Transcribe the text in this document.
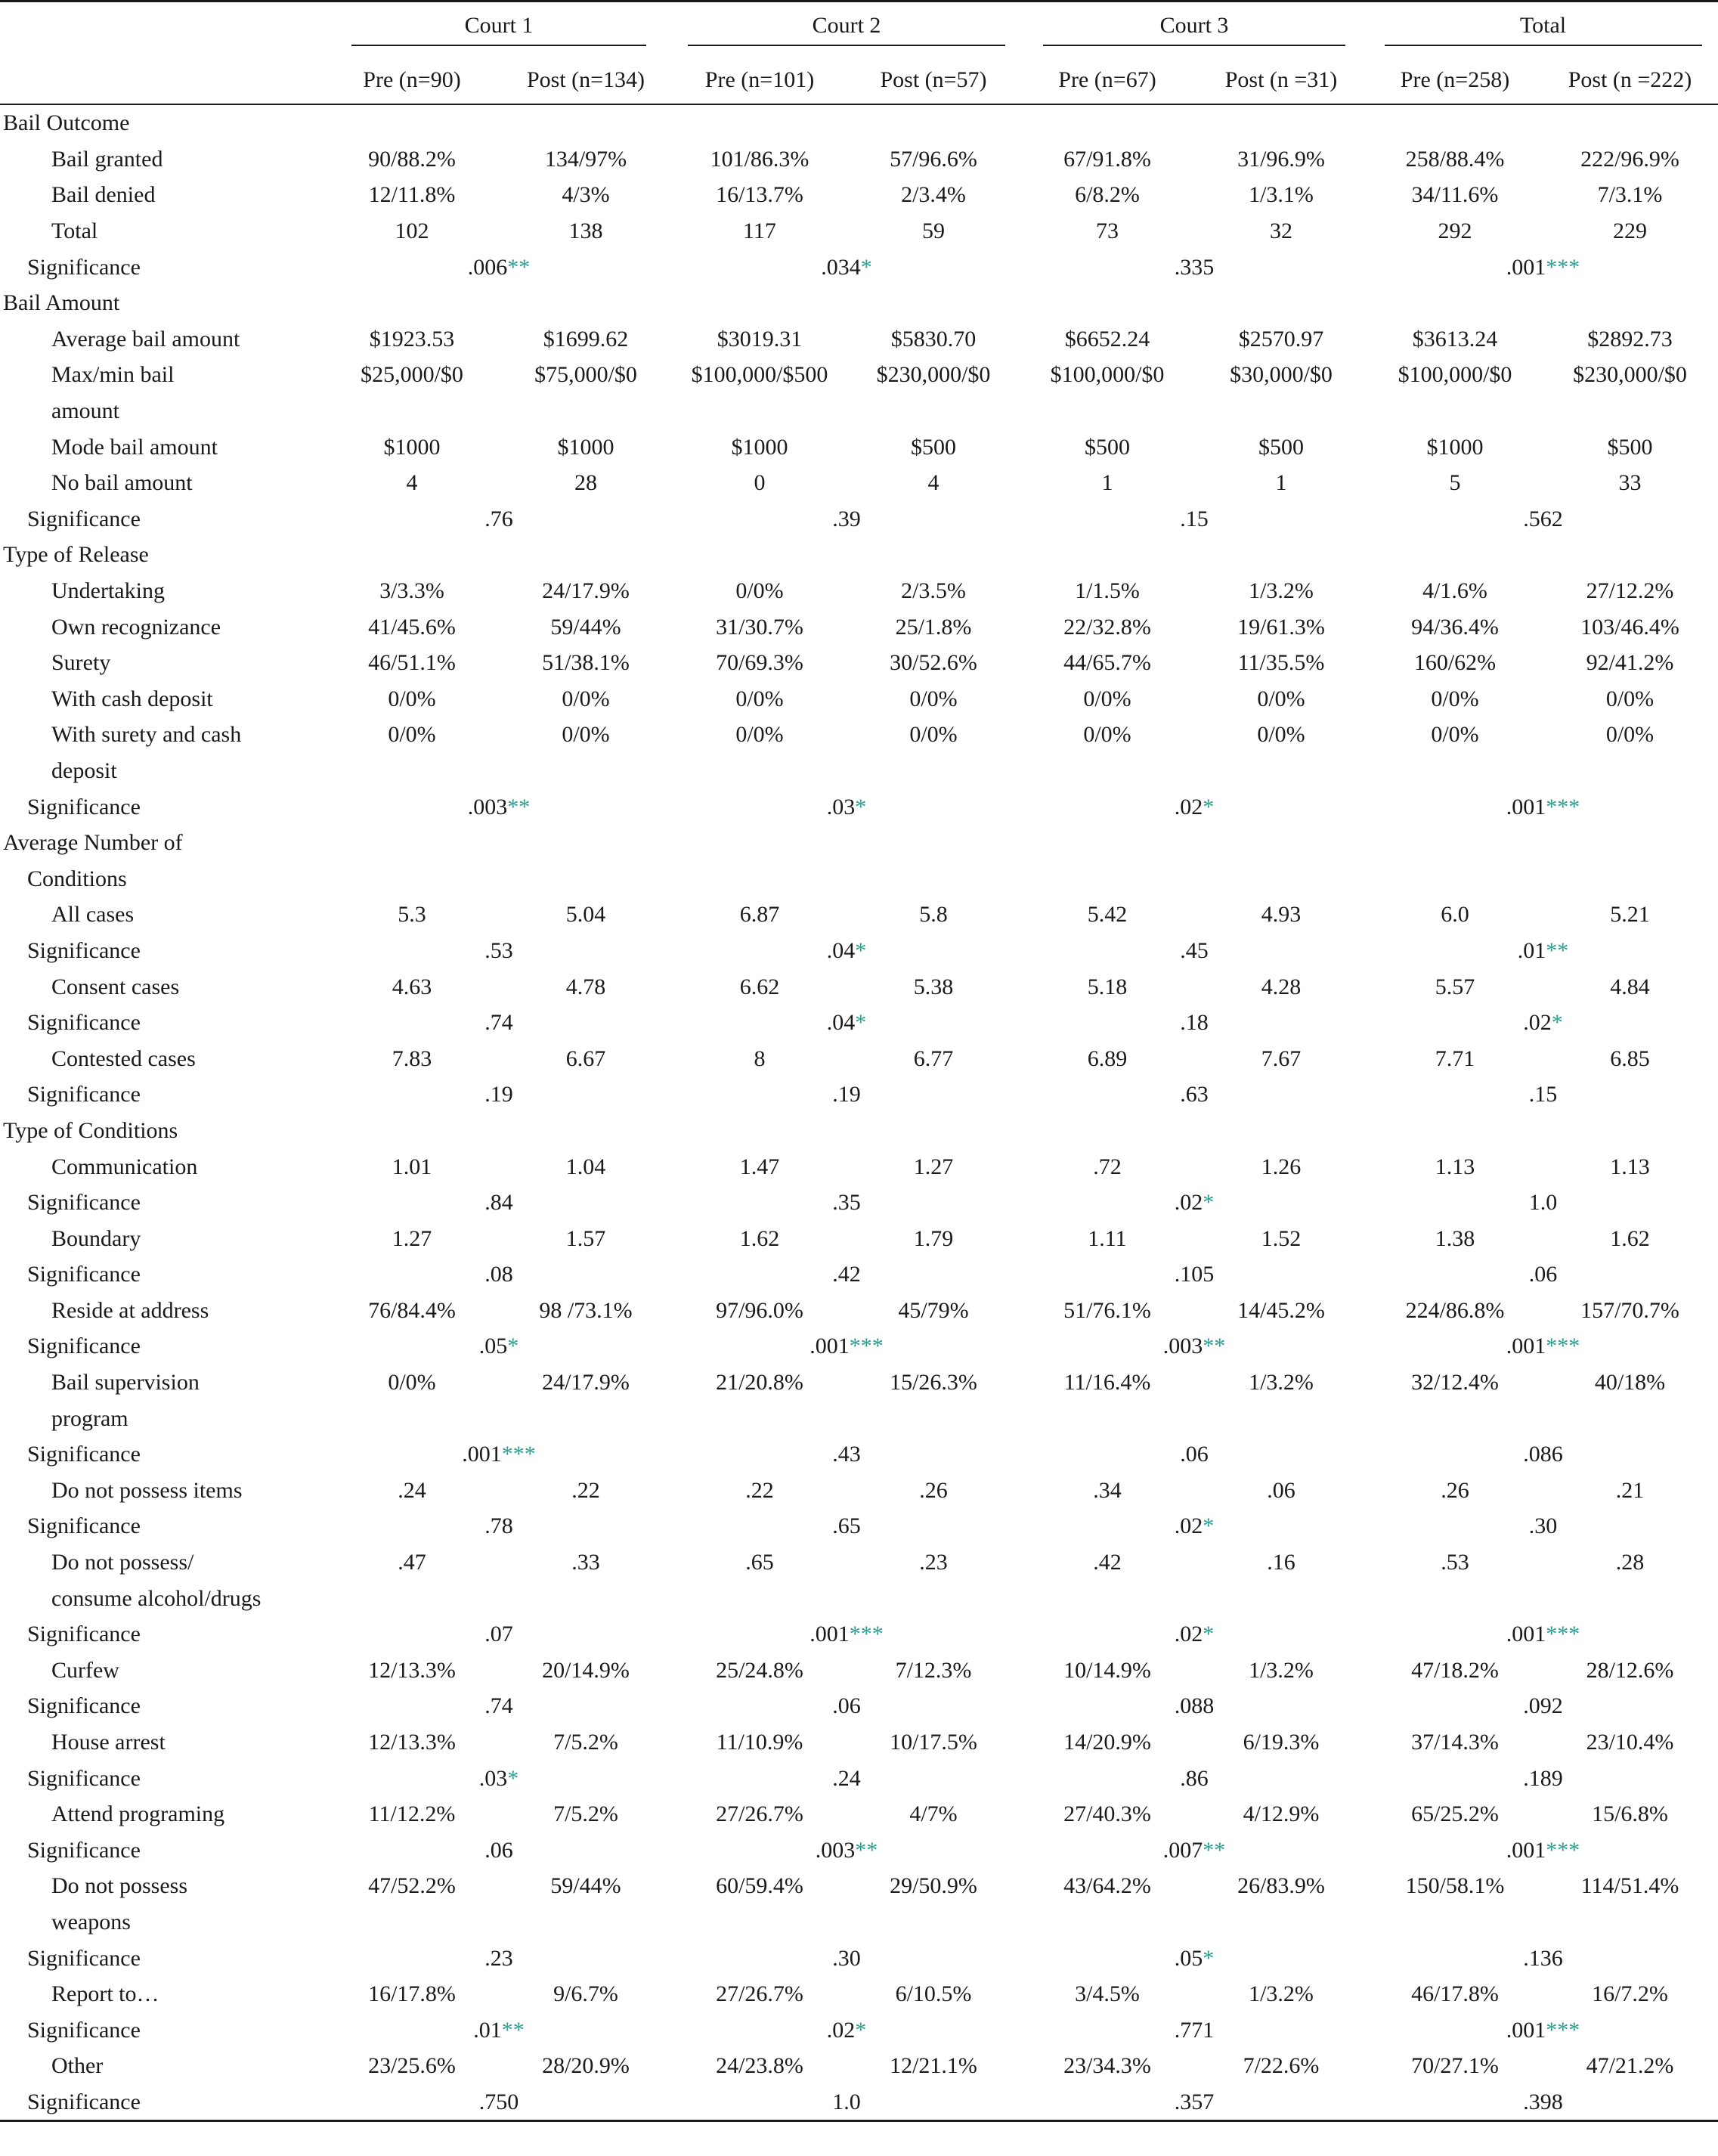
	Court 1		Court 2		Court 3		Total	

	Pre (n=90)	Post (n=134)	Pre (n=101)	Post (n=57)	Pre (n=67)	Post (n =31)	Pre (n=258)	Post (n =222)
Bail Outcome								
Bail granted	90/88.2%	134/97%	101/86.3%	57/96.6%	67/91.8%	31/96.9%	258/88.4%	222/96.9%
Bail denied	12/11.8%	4/3%	16/13.7%	2/3.4%	6/8.2%	1/3.1%	34/11.6%	7/3.1%
Total	102	138	117	59	73	32	292	229
Significance	.006**		.034*		.335		.001***	
Bail Amount								
Average bail amount	$1923.53	$1699.62	$3019.31	$5830.70	$6652.24	$2570.97	$3613.24	$2892.73
Max/min bail	$25,000/$0	$75,000/$0	$100,000/$500	$230,000/$0	$100,000/$0	$30,000/$0	$100,000/$0	$230,000/$0
amount								
Mode bail amount	$1000	$1000	$1000	$500	$500	$500	$1000	$500
No bail amount	4	28	0	4	1	1	5	33
Significance	.76		.39		.15		.562	
Type of Release								
Undertaking	3/3.3%	24/17.9%	0/0%	2/3.5%	1/1.5%	1/3.2%	4/1.6%	27/12.2%
Own recognizance	41/45.6%	59/44%	31/30.7%	25/1.8%	22/32.8%	19/61.3%	94/36.4%	103/46.4%
Surety	46/51.1%	51/38.1%	70/69.3%	30/52.6%	44/65.7%	11/35.5%	160/62%	92/41.2%
With cash deposit	0/0%	0/0%	0/0%	0/0%	0/0%	0/0%	0/0%	0/0%
With surety and cash	0/0%	0/0%	0/0%	0/0%	0/0%	0/0%	0/0%	0/0%
deposit								
Significance	.003**		.03*		.02*		.001***	
Average Number of								
Conditions								
All cases	5.3	5.04	6.87	5.8	5.42	4.93	6.0	5.21
Significance	.53		.04*		.45		.01**	
Consent cases	4.63	4.78	6.62	5.38	5.18	4.28	5.57	4.84
Significance	.74		.04*		.18		.02*	
Contested cases	7.83	6.67	8	6.77	6.89	7.67	7.71	6.85
Significance	.19		.19		.63		.15	
Type of Conditions								
Communication	1.01	1.04	1.47	1.27	.72	1.26	1.13	1.13
Significance	.84		.35		.02*		1.0	
Boundary	1.27	1.57	1.62	1.79	1.11	1.52	1.38	1.62
Significance	.08		.42		.105		.06	
Reside at address	76/84.4%	98 /73.1%	97/96.0%	45/79%	51/76.1%	14/45.2%	224/86.8%	157/70.7%
Significance	.05*		.001***		.003**		.001***	
Bail supervision	0/0%	24/17.9%	21/20.8%	15/26.3%	11/16.4%	1/3.2%	32/12.4%	40/18%
program								
Significance	.001***		.43		.06		.086	
Do not possess items	.24	.22	.22	.26	.34	.06	.26	.21
Significance	.78		.65		.02*		.30	
Do not possess/	.47	.33	.65	.23	.42	.16	.53	.28
consume alcohol/drugs								
Significance	.07		.001***		.02*		.001***	
Curfew	12/13.3%	20/14.9%	25/24.8%	7/12.3%	10/14.9%	1/3.2%	47/18.2%	28/12.6%
Significance	.74		.06		.088		.092	
House arrest	12/13.3%	7/5.2%	11/10.9%	10/17.5%	14/20.9%	6/19.3%	37/14.3%	23/10.4%
Significance	.03*		.24		.86		.189	
Attend programing	11/12.2%	7/5.2%	27/26.7%	4/7%	27/40.3%	4/12.9%	65/25.2%	15/6.8%
Significance	.06		.003**		.007**		.001***	
Do not possess	47/52.2%	59/44%	60/59.4%	29/50.9%	43/64.2%	26/83.9%	150/58.1%	114/51.4%
weapons								
Significance	.23		.30		.05*		.136	
Report to…	16/17.8%	9/6.7%	27/26.7%	6/10.5%	3/4.5%	1/3.2%	46/17.8%	16/7.2%
Significance	.01**		.02*		.771		.001***	
Other	23/25.6%	28/20.9%	24/23.8%	12/21.1%	23/34.3%	7/22.6%	70/27.1%	47/21.2%
Significance	.750		1.0		.357		.398	
